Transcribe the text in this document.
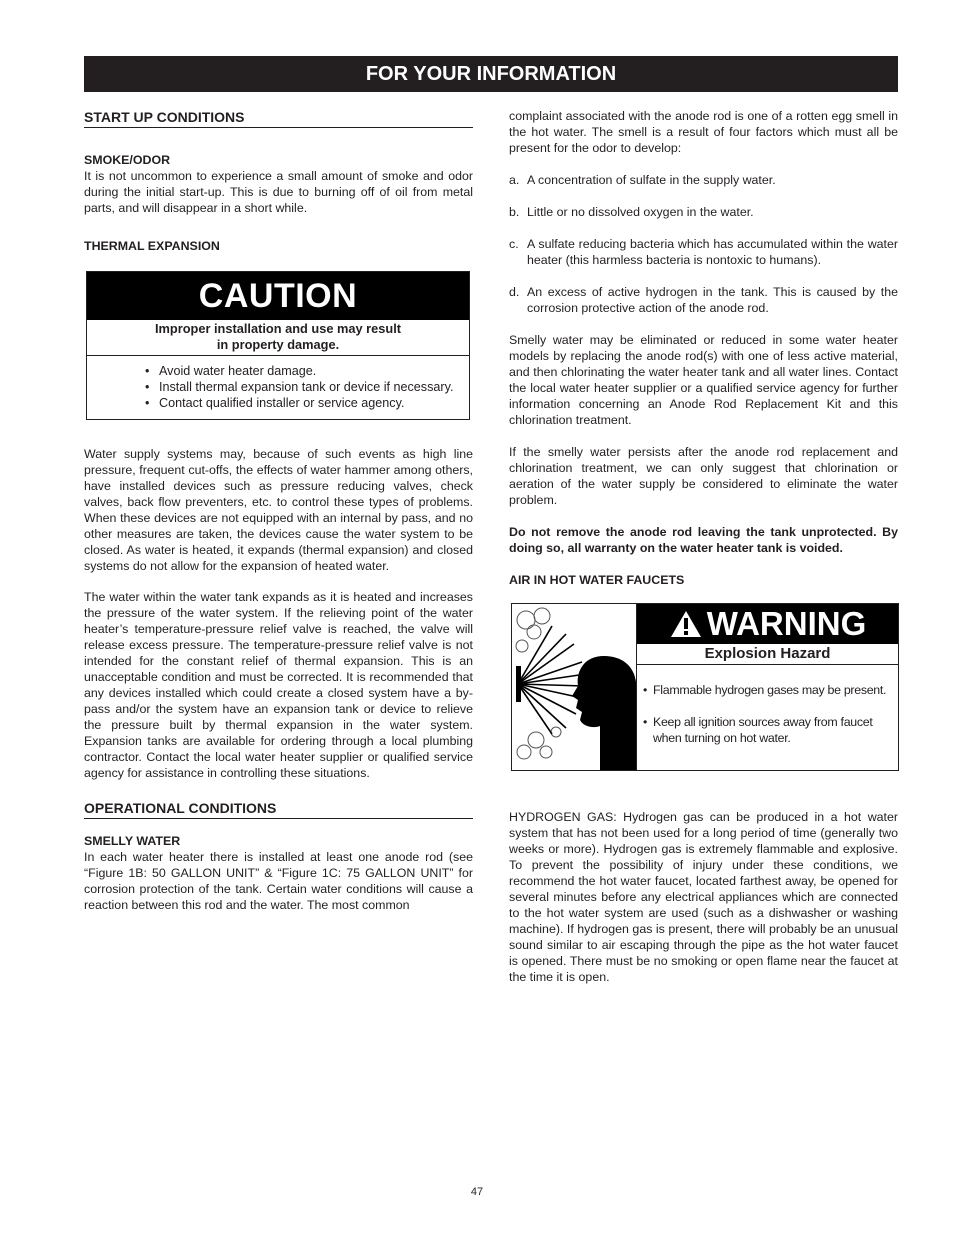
FOR YOUR INFORMATION
START UP CONDITIONS
SMOKE/ODOR

It is not uncommon to experience a small amount of smoke and odor during the initial start-up. This is due to burning off of oil from metal parts, and will disappear in a short while.

THERMAL EXPANSION
CAUTION
Improper installation and use may result
in property damage.
• Avoid water heater damage.
• Install thermal expansion tank or device if necessary.
• Contact qualified installer or service agency.

Water supply systems may, because of such events as high line pressure, frequent cut-offs, the effects of water hammer among others, have installed devices such as pressure reducing valves, check valves, back flow preventers, etc. to control these types of problems. When these devices are not equipped with an internal by pass, and no other measures are taken, the devices cause the water system to be closed. As water is heated, it expands (thermal expansion) and closed systems do not allow for the expansion of heated water.

The water within the water tank expands as it is heated and increases the pressure of the water system. If the relieving point of the water heater’s temperature-pressure relief valve is reached, the valve will release excess pressure. The temperature-pressure relief valve is not intended for the constant relief of thermal expansion. This is an unacceptable condition and must be corrected. It is recommended that any devices installed which could create a closed system have a by-pass and/or the system have an expansion tank or device to relieve the pressure built by thermal expansion in the water system. Expansion tanks are available for ordering through a local plumbing contractor. Contact the local water heater supplier or qualified service agency for assistance in controlling these situations.

OPERATIONAL CONDITIONS
SMELLY WATER

In each water heater there is installed at least one anode rod (see “Figure 1B: 50 GALLON UNIT” & “Figure 1C: 75 GALLON UNIT” for corrosion protection of the tank. Certain water conditions will cause a reaction between this rod and the water. The most common

complaint associated with the anode rod is one of a rotten egg smell in the hot water. The smell is a result of four factors which must all be present for the odor to develop:

a. A concentration of sulfate in the supply water.
b. Little or no dissolved oxygen in the water.
c. A sulfate reducing bacteria which has accumulated within the water heater (this harmless bacteria is nontoxic to humans).
d. An excess of active hydrogen in the tank. This is caused by the corrosion protective action of the anode rod.

Smelly water may be eliminated or reduced in some water heater models by replacing the anode rod(s) with one of less active material, and then chlorinating the water heater tank and all water lines. Contact the local water heater supplier or a qualified service agency for further information concerning an Anode Rod Replacement Kit and this chlorination treatment.

If the smelly water persists after the anode rod replacement and chlorination treatment, we can only suggest that chlorination or aeration of the water supply be considered to eliminate the water problem.

Do not remove the anode rod leaving the tank unprotected. By doing so, all warranty on the water heater tank is voided.

AIR IN HOT WATER FAUCETS
WARNING
Explosion Hazard
• Flammable hydrogen gases may be present.
• Keep all ignition sources away from faucet when turning on hot water.

HYDROGEN GAS: Hydrogen gas can be produced in a hot water system that has not been used for a long period of time (generally two weeks or more). Hydrogen gas is extremely flammable and explosive. To prevent the possibility of injury under these conditions, we recommend the hot water faucet, located farthest away, be opened for several minutes before any electrical appliances which are connected to the hot water system are used (such as a dishwasher or washing machine). If hydrogen gas is present, there will probably be an unusual sound similar to air escaping through the pipe as the hot water faucet is opened. There must be no smoking or open flame near the faucet at the time it is open.

47
